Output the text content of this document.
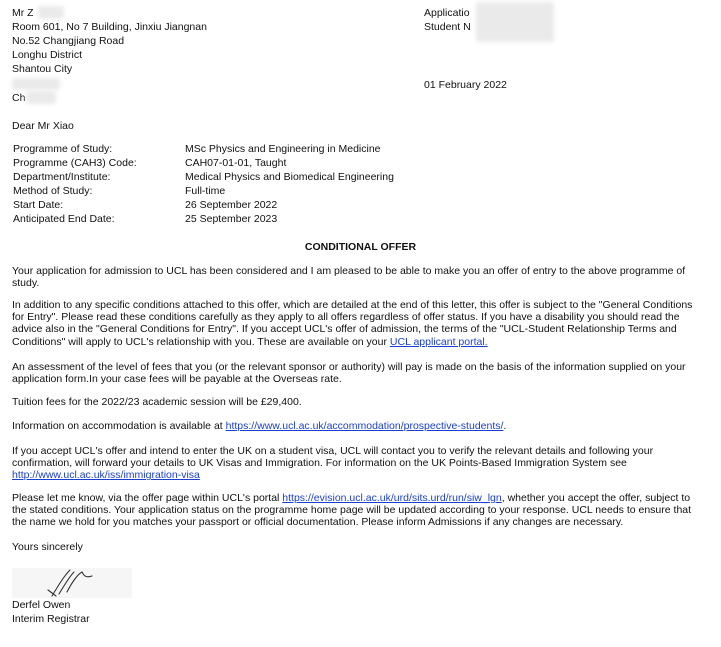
Mr Z
Room 601, No 7 Building, Jinxiu Jiangnan
No.52 Changjiang Road
Longhu District
Shantou City
Ch
Applicatio
Student N
01 February 2022
Dear Mr Xiao
Programme of Study:	MSc Physics and Engineering in Medicine
Programme (CAH3) Code:	CAH07-01-01, Taught
Department/Institute:	Medical Physics and Biomedical Engineering
Method of Study:	Full-time
Start Date:	26 September 2022
Anticipated End Date:	25 September 2023
CONDITIONAL OFFER
Your application for admission to UCL has been considered and I am pleased to be able to make you an offer of entry to the above programme of study.
In addition to any specific conditions attached to this offer, which are detailed at the end of this letter, this offer is subject to the "General Conditions for Entry". Please read these conditions carefully as they apply to all offers regardless of offer status. If you have a disability you should read the advice also in the "General Conditions for Entry". If you accept UCL's offer of admission, the terms of the "UCL-Student Relationship Terms and Conditions" will apply to UCL's relationship with you. These are available on your UCL applicant portal.
An assessment of the level of fees that you (or the relevant sponsor or authority) will pay is made on the basis of the information supplied on your application form.In your case fees will be payable at the Overseas rate.
Tuition fees for the 2022/23 academic session will be £29,400.
Information on accommodation is available at https://www.ucl.ac.uk/accommodation/prospective-students/.
If you accept UCL's offer and intend to enter the UK on a student visa, UCL will contact you to verify the relevant details and following your confirmation, will forward your details to UK Visas and Immigration. For information on the UK Points-Based Immigration System see http://www.ucl.ac.uk/iss/immigration-visa
Please let me know, via the offer page within UCL's portal https://evision.ucl.ac.uk/urd/sits.urd/run/siw_lgn, whether you accept the offer, subject to the stated conditions. Your application status on the programme home page will be updated according to your response. UCL needs to ensure that the name we hold for you matches your passport or official documentation. Please inform Admissions if any changes are necessary.
Yours sincerely
Derfel Owen
Interim Registrar
